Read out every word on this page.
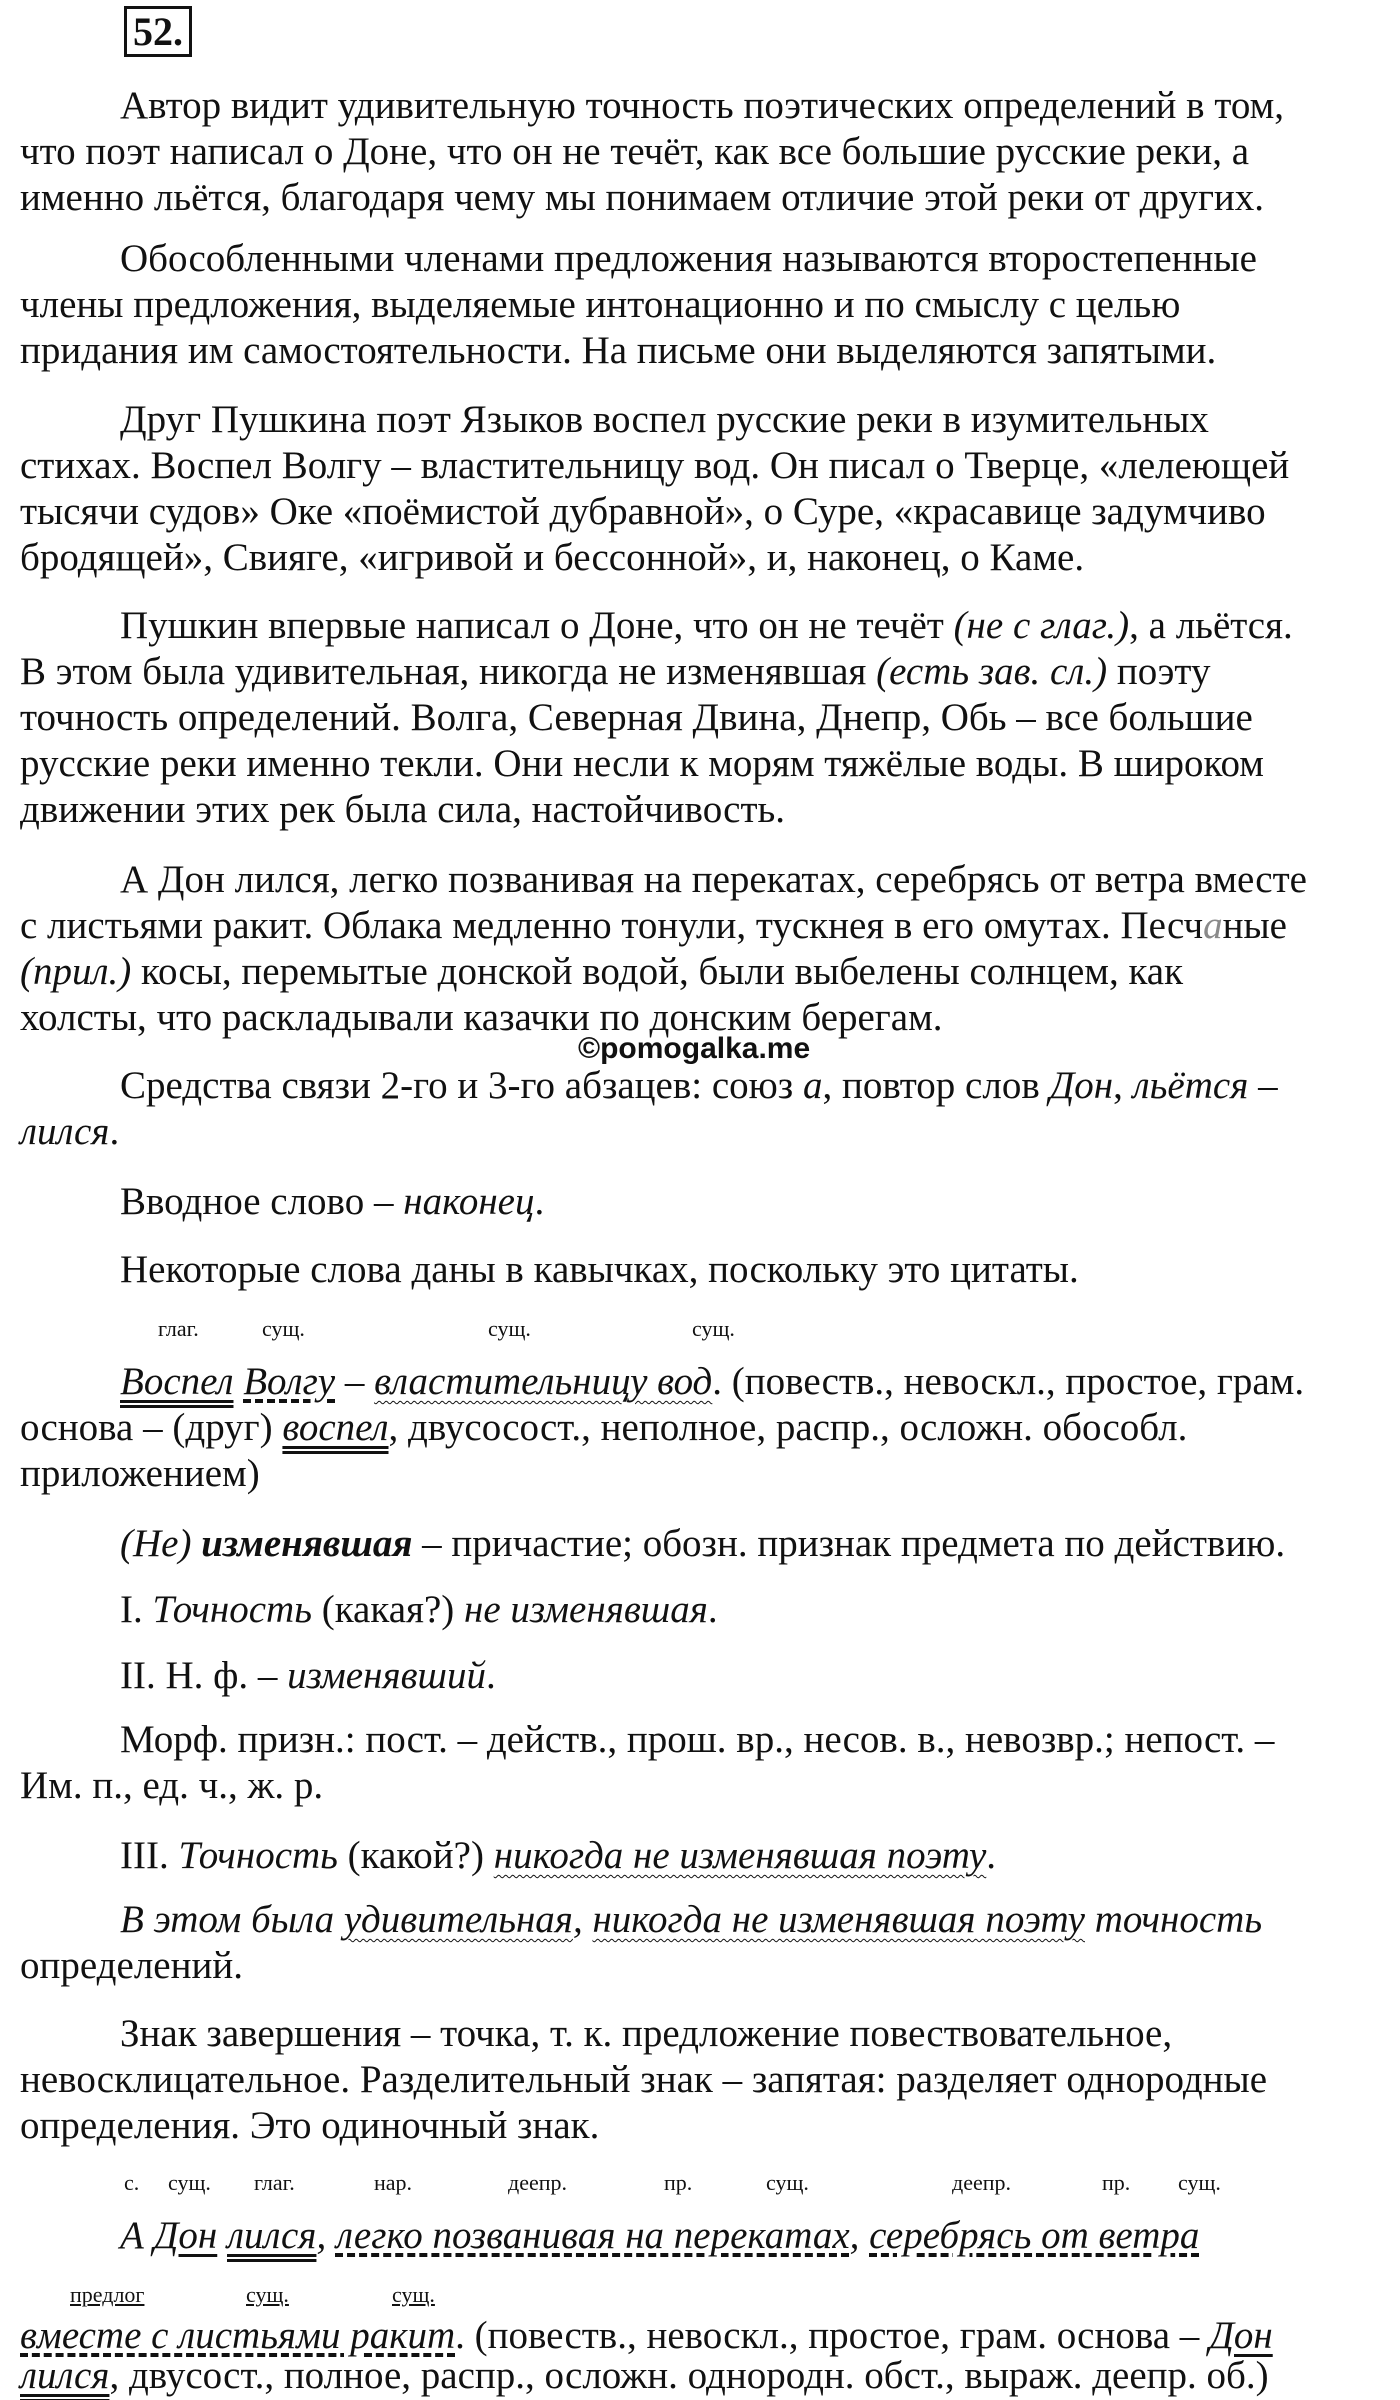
52.
Автор видит удивительную точность поэтических определений в том,
что поэт написал о Доне, что он не течёт, как все большие русские реки, а
именно льётся, благодаря чему мы понимаем отличие этой реки от других.
Обособленными членами предложения называются второстепенные
члены предложения, выделяемые интонационно и по смыслу с целью
придания им самостоятельности. На письме они выделяются запятыми.
Друг Пушкина поэт Языков воспел русские реки в изумительных
стихах. Воспел Волгу – властительницу вод. Он писал о Тверце, «лелеющей
тысячи судов» Оке «поёмистой дубравной», о Суре, «красавице задумчиво
бродящей», Свияге, «игривой и бессонной», и, наконец, о Каме.
Пушкин впервые написал о Доне, что он не течёт (не с глаг.), а льётся.
В этом была удивительная, никогда не изменявшая (есть зав. сл.) поэту
точность определений. Волга, Северная Двина, Днепр, Обь – все большие
русские реки именно текли. Они несли к морям тяжёлые воды. В широком
движении этих рек была сила, настойчивость.
А Дон лился, легко позванивая на перекатах, серебрясь от ветра вместе
с листьями ракит. Облака медленно тонули, тускнея в его омутах. Песчаные
(прил.) косы, перемытые донской водой, были выбелены солнцем, как
холсты, что раскладывали казачки по донским берегам.
©pomogalka.me
Средства связи 2-го и 3-го абзацев: союз а, повтор слов Дон, льётся –
лился.
Вводное слово – наконец.
Некоторые слова даны в кавычках, поскольку это цитаты.
глаг.	сущ.	сущ.	сущ.
Воспел Волгу – властительницу вод. (повеств., невоскл., простое, грам.
основа – (друг) воспел, двусосост., неполное, распр., осложн. обособл.
приложением)
(Не) изменявшая – причастие; обозн. признак предмета по действию.
I. Точность (какая?) не изменявшая.
II. Н. ф. – изменявший.
Морф. призн.: пост. – действ., прош. вр., несов. в., невозвр.; непост. –
Им. п., ед. ч., ж. р.
III. Точность (какой?) никогда не изменявшая поэту.
В этом была удивительная, никогда не изменявшая поэту точность
определений.
Знак завершения – точка, т. к. предложение повествовательное,
невосклицательное. Разделительный знак – запятая: разделяет однородные
определения. Это одиночный знак.
с. сущ. глаг.	нар.	деепр.	пр.	сущ.	деепр.	пр. сущ.
А Дон лился, легко позванивая на перекатах, серебрясь от ветра
предлог	сущ.	сущ.
вместе с листьями ракит. (повеств., невоскл., простое, грам. основа – Дон
лился, двусост., полное, распр., осложн. однородн. обст., выраж. деепр. об.)
